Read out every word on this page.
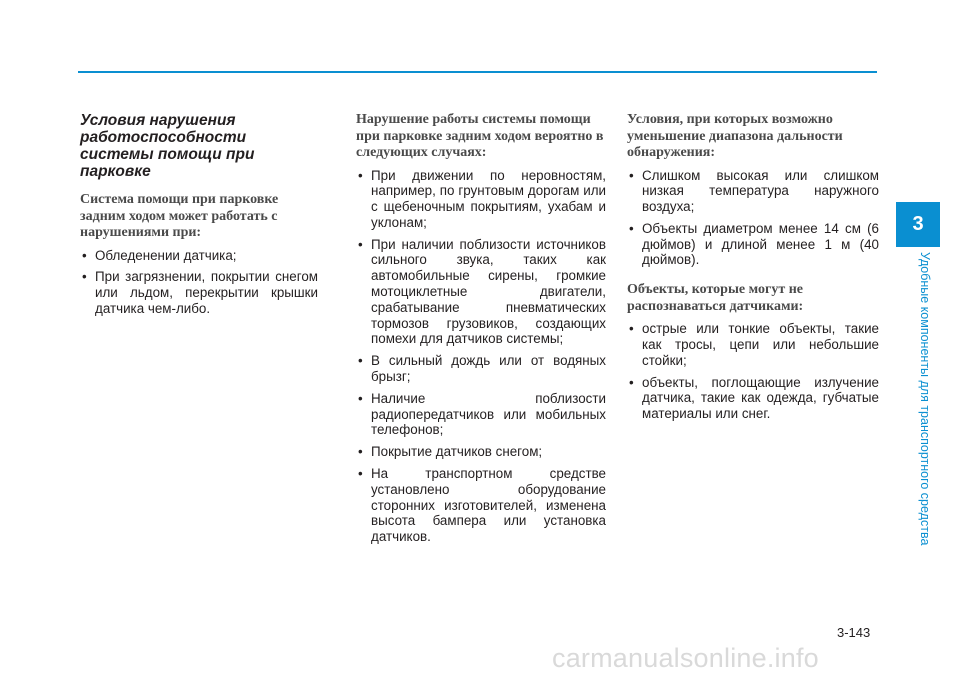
Условия нарушения работоспособности системы помощи при парковке
Система помощи при парковке задним ходом может работать с нарушениями при:
• Обледенении датчика;
• При загрязнении, покрытии снегом или льдом, перекрытии крышки датчика чем-либо.
Нарушение работы системы помощи при парковке задним ходом вероятно в следующих случаях:
• При движении по неровностям, например, по грунтовым дорогам или с щебеночным покрытиям, ухабам и уклонам;
• При наличии поблизости источников сильного звука, таких как автомобильные сирены, громкие мотоциклетные двигатели, срабатывание пневматических тормозов грузовиков, создающих помехи для датчиков системы;
• В сильный дождь или от водяных брызг;
• Наличие поблизости радиопередатчиков или мобильных телефонов;
• Покрытие датчиков снегом;
• На транспортном средстве установлено оборудование сторонних изготовителей, изменена высота бампера или установка датчиков.
Условия, при которых возможно уменьшение диапазона дальности обнаружения:
• Слишком высокая или слишком низкая температура наружного воздуха;
• Объекты диаметром менее 14 см (6 дюймов) и длиной менее 1 м (40 дюймов).
Объекты, которые могут не распознаваться датчиками:
• острые или тонкие объекты, такие как тросы, цепи или небольшие стойки;
• объекты, поглощающие излучение датчика, такие как одежда, губчатые материалы или снег.
3
Удобные компоненты для транспортного средства
3-143
carmanualsonline.info
